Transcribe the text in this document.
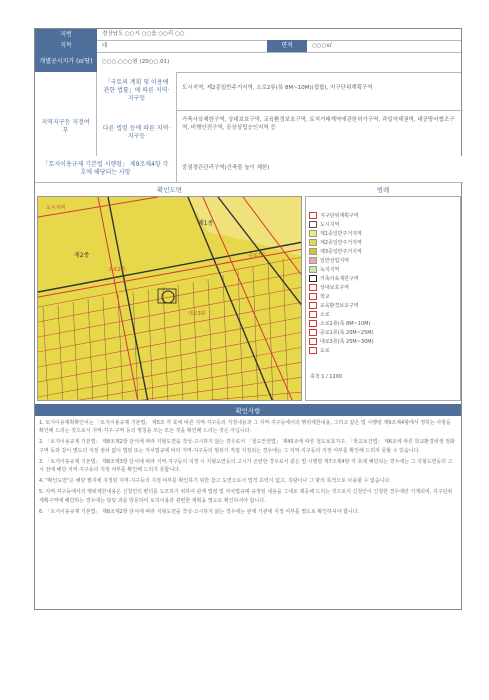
지번	경상남도 ○○시 ○○읍 ○○리 ○○
지목	대	면적	○○○㎡
개별공시지가 (㎡당)	○○○,○○○원 (20○○.01)
지역지구등 지정여부
「국토의 계획 및 이용에 관한 법률」에 따른 지역·지구등
도시지역, 제2종일반주거지역, 소로2류(폭 8M~10M)(접합), 지구단위계획구역
다른 법령 등에 따른 지역·지구등
가축사육제한구역, 상대보호구역, 교육환경보호구역, 토지거래계약에관한허가구역, 과밀억제권역, 대공방어협조구역, 비행안전구역, 공장설립승인지역 등
「토지이용규제 기본법 시행령」 제9조제4항 각 호에 해당되는 사항
중점경관관리구역(건축물 높이 제한)
확인도면	범례
제2종
제1종
소로2류
대로3류
중로1류
도시지역
지구단위계획구역
도시지역
제1종일반주거지역
제2종일반주거지역
제3종일반주거지역
일반상업지역
녹지지역
가축사육제한구역
상대보호구역
학교
교육환경보호구역
소로
소로2류(폭 8M~10M)
중로1류(폭 20M~25M)
대로3류(폭 25M~30M)
도로
축척 1 / 1200
확인사항

1. 토지이용계획확인서는 「토지이용규제 기본법」 제5조 각 호에 따른 지역·지구등의 지정내용과 그 지역·지구등에서의 행위제한내용, 그리고 같은 법 시행령 제9조제4항에서 정하는 사항을 확인해 드리는 것으로서 지역·지구·구역 등의 명칭을 쓰는 모든 것을 확인해 드리는 것은 아닙니다.

2. 「토지이용규제 기본법」 제8조제2항 단서에 따라 지형도면을 작성·고시하지 않는 경우로서 「철도안전법」 제45조에 따른 철도보호지구, 「학교보건법」 제6조에 따른 학교환경위생 정화구역 등과 같이 별도의 지정 절차 없이 법령 또는 자치법규에 따라 지역·지구등의 범위가 직접 지정되는 경우에는 그 지역·지구등의 지정 여부를 확인해 드리지 못할 수 있습니다.

3. 「토지이용규제 기본법」 제8조제3항 단서에 따라 지역·지구등의 지정 시 지형도면등의 고시가 곤란한 경우로서 같은 법 시행령 제7조제4항 각 호에 해당되는 경우에는 그 지형도면등의 고시 전에 해당 지역·지구등의 지정 여부를 확인해 드리지 못합니다.

4. "확인도면"은 해당 필지에 지정된 지역·지구등의 지정 여부를 확인하기 위한 참고 도면으로서 법적 효력이 없고, 측량이나 그 밖의 목적으로 사용할 수 없습니다.

5. 지역·지구등에서의 행위제한내용은 신청인의 편의를 도모하기 위하여 관계 법령 및 자치법규에 규정된 내용을 그대로 제공해 드리는 것으로서 신청인이 신청한 경우에만 기재되며, 지구단위계획구역에 해당하는 경우에는 담당 과를 방문하여 토지이용과 관련한 계획을 별도로 확인하셔야 합니다.

6. 「토지이용규제 기본법」 제8조제2항 단서에 따라 지형도면을 작성·고시하지 않는 경우에는 관계 기관에 지정 여부를 별도로 확인하셔야 합니다.
